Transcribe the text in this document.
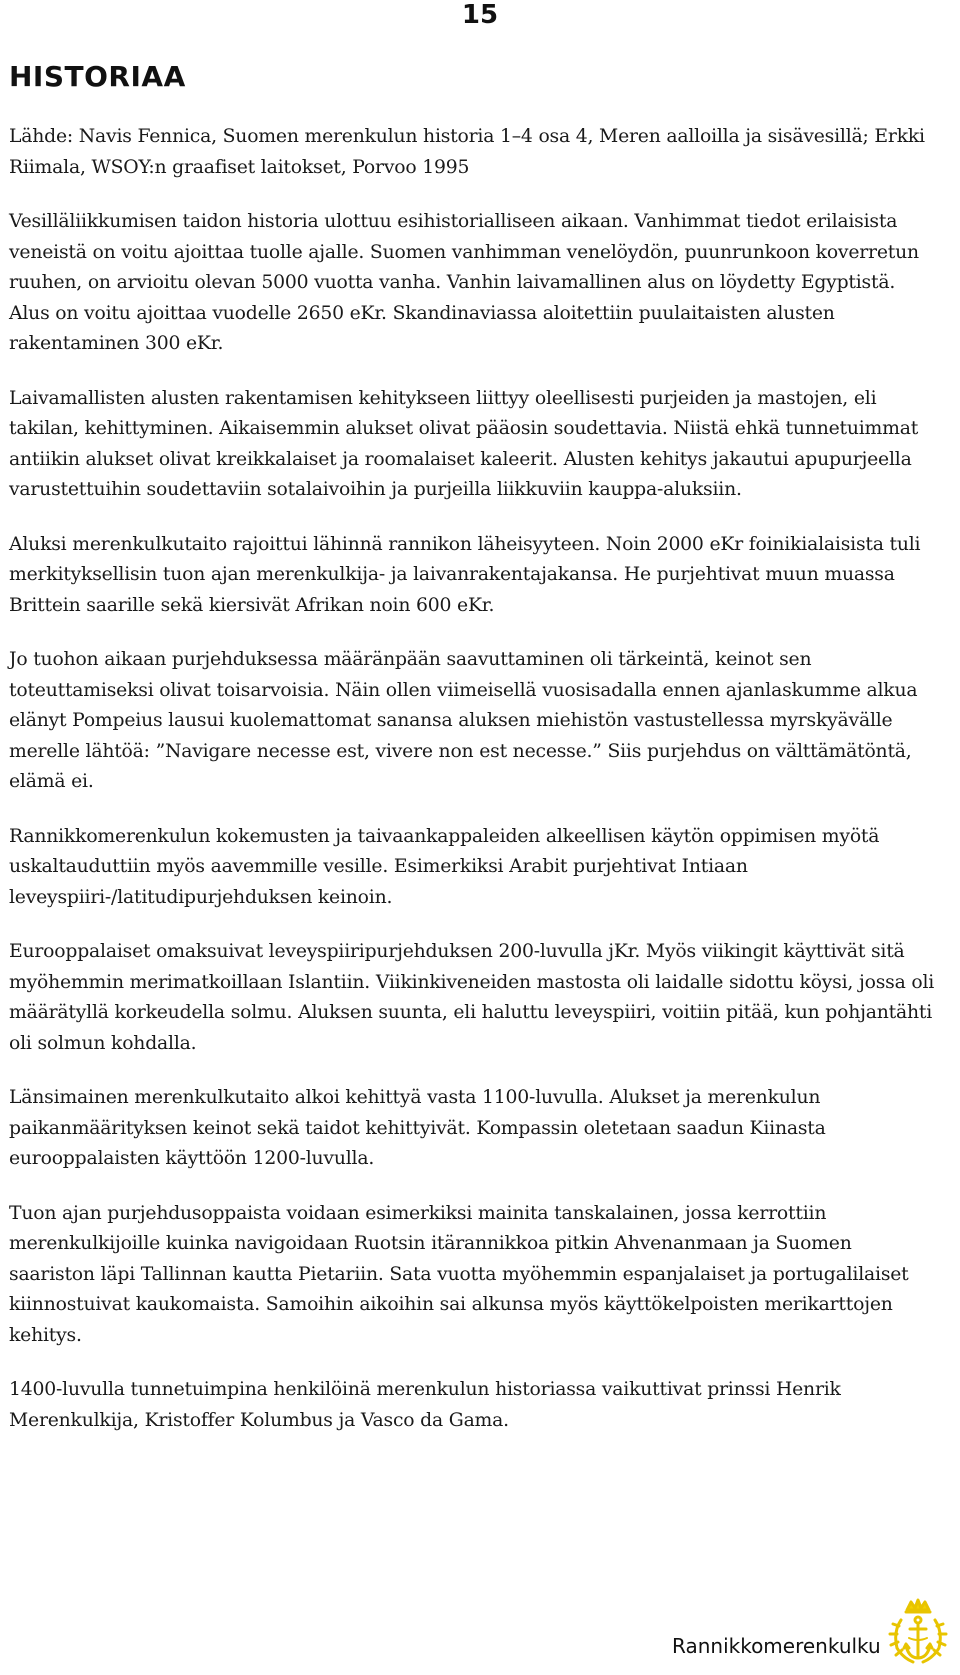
15
HISTORIAA

Lähde: Navis Fennica, Suomen merenkulun historia 1–4 osa 4, Meren aalloilla ja sisävesillä; Erkki Riimala, WSOY:n graafiset laitokset, Porvoo 1995

Vesilläliikkumisen taidon historia ulottuu esihistorialliseen aikaan. Vanhimmat tiedot erilaisista veneistä on voitu ajoittaa tuolle ajalle. Suomen vanhimman venelöydön, puunrunkoon koverretun ruuhen, on arvioitu olevan 5000 vuotta vanha. Vanhin laivamallinen alus on löydetty Egyptistä. Alus on voitu ajoittaa vuodelle 2650 eKr. Skandinaviassa aloitettiin puulaitaisten alusten rakentaminen 300 eKr.

Laivamallisten alusten rakentamisen kehitykseen liittyy oleellisesti purjeiden ja mastojen, eli takilan, kehittyminen. Aikaisemmin alukset olivat pääosin soudettavia. Niistä ehkä tunnetuimmat antiikin alukset olivat kreikkalaiset ja roomalaiset kaleerit. Alusten kehitys jakautui apupurjeella varustettuihin soudettaviin sotalaivoihin ja purjeilla liikkuviin kauppa-aluksiin.

Aluksi merenkulkutaito rajoittui lähinnä rannikon läheisyyteen. Noin 2000 eKr foinikialaisista tuli merkityksellisin tuon ajan merenkulkija- ja laivanrakentajakansa. He purjehtivat muun muassa Brittein saarille sekä kiersivät Afrikan noin 600 eKr.

Jo tuohon aikaan purjehduksessa määränpään saavuttaminen oli tärkeintä, keinot sen toteuttamiseksi olivat toisarvoisia. Näin ollen viimeisellä vuosisadalla ennen ajanlaskumme alkua elänyt Pompeius lausui kuolemattomat sanansa aluksen miehistön vastustellessa myrskyävälle merelle lähtöä: ”Navigare necesse est, vivere non est necesse.” Siis purjehdus on välttämätöntä, elämä ei.

Rannikkomerenkulun kokemusten ja taivaankappaleiden alkeellisen käytön oppimisen myötä uskaltauduttiin myös aavemmille vesille. Esimerkiksi Arabit purjehtivat Intiaan leveyspiiri-/latitudipurjehduksen keinoin.

Eurooppalaiset omaksuivat leveyspiiripurjehduksen 200-luvulla jKr. Myös viikingit käyttivät sitä myöhemmin merimatkoillaan Islantiin. Viikinkiveneiden mastosta oli laidalle sidottu köysi, jossa oli määrätyllä korkeudella solmu. Aluksen suunta, eli haluttu leveyspiiri, voitiin pitää, kun pohjantähti oli solmun kohdalla.

Länsimainen merenkulkutaito alkoi kehittyä vasta 1100-luvulla. Alukset ja merenkulun paikanmäärityksen keinot sekä taidot kehittyivät. Kompassin oletetaan saadun Kiinasta eurooppalaisten käyttöön 1200-luvulla.

Tuon ajan purjehdusoppaista voidaan esimerkiksi mainita tanskalainen, jossa kerrottiin merenkulkijoille kuinka navigoidaan Ruotsin itärannikkoa pitkin Ahvenanmaan ja Suomen saariston läpi Tallinnan kautta Pietariin. Sata vuotta myöhemmin espanjalaiset ja portugalilaiset kiinnostuivat kaukomaista. Samoihin aikoihin sai alkunsa myös käyttökelpoisten merikarttojen kehitys.

1400-luvulla tunnetuimpina henkilöinä merenkulun historiassa vaikuttivat prinssi Henrik Merenkulkija, Kristoffer Kolumbus ja Vasco da Gama.

Rannikkomerenkulku
